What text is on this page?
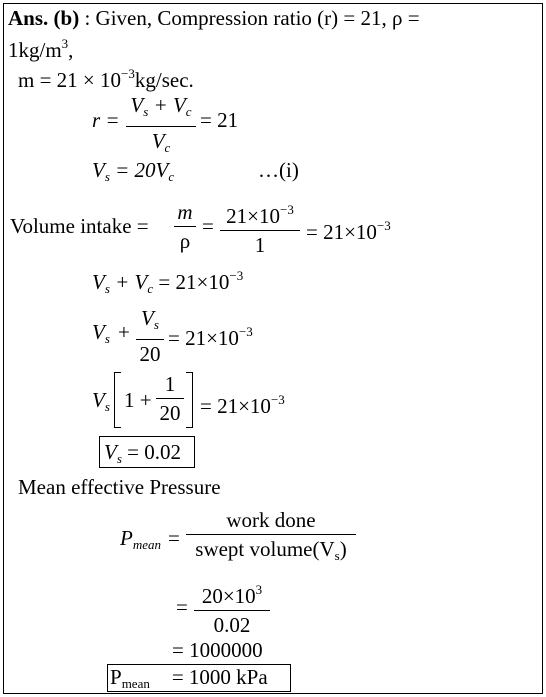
Ans. (b) : Given, Compression ratio (r) = 21, ρ =
$1kg/m^3$,
$m = 21 \times 10^{-3}kg/\sec$.
r =
$V_s + V_c$
$V_c$
= 21
$V_s = 20V_c$	…(i)
Volume intake =
m
ρ
= $21\times 10^{-3}$
1
= $21\times 10^{-3}$
$V_s + V_c = 21\times 10^{-3}$
$V_s$ +
$V_s$
20
= $21\times 10^{-3}$
$V_s$ 1 +
1
$20 = 21\times 10^{-3}$
$V_s = 0.02$
Mean effective Pressure
$P_{mean}$ =
work done
swept $volume(V_s)$
= $20\times 10^3$
0.02
= 1000000
$P_{mean} = 1000$ kPa
